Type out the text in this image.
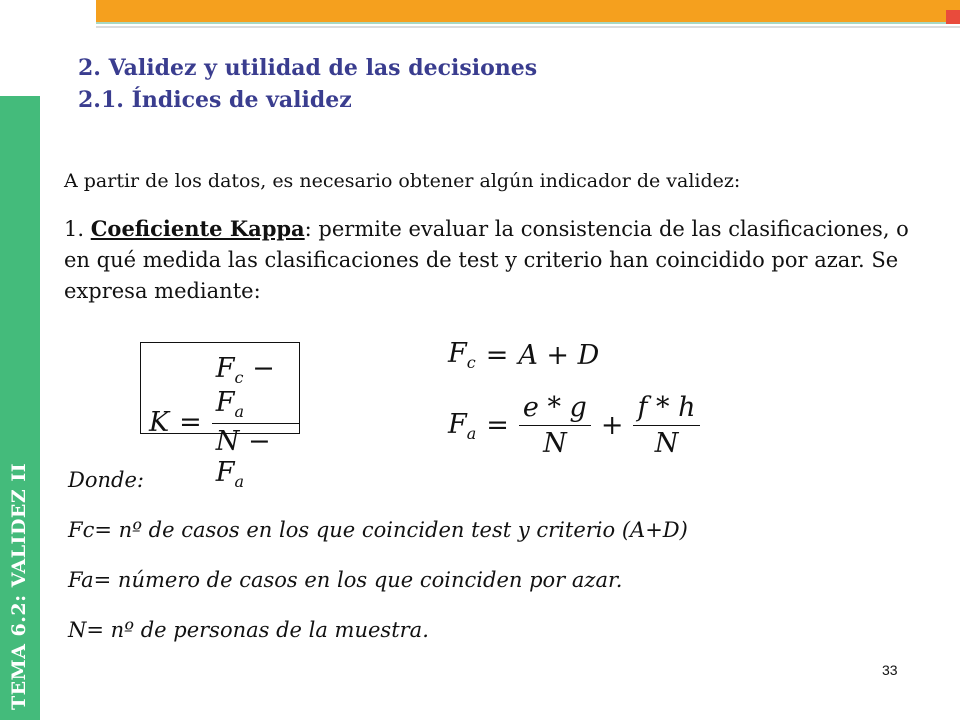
TEMA 6.2: VALIDEZ II
2. Validez y utilidad de las decisiones
2.1. Índices de validez
A partir de los datos, es necesario obtener algún indicador de validez:
1. Coeficiente Kappa: permite evaluar la consistencia de las clasificaciones, o en qué medida las clasificaciones de test y criterio han coincidido por azar. Se expresa mediante:
$K = \frac{F_c - F_a}{N - F_a}$	$F_c = A + D$
$F_a = \frac{e * g}{N} + \frac{f * h}{N}$
Donde:
Fc= nº de casos en los que coinciden test y criterio (A+D)
Fa= número de casos en los que coinciden por azar.
N= nº de personas de la muestra.
33
